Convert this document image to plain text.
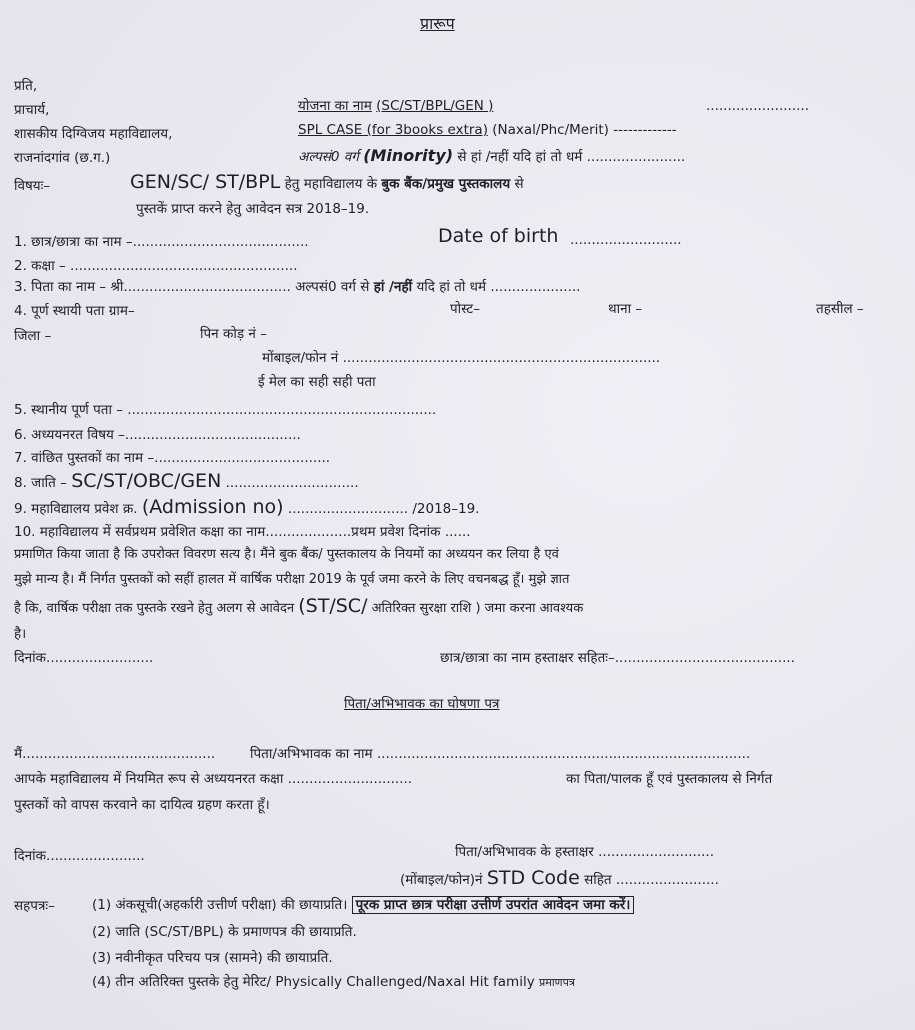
प्रारूप
प्रति,
प्राचार्य,
शासकीय दिग्विजय महाविद्यालय,
राजनांदगांव (छ.ग.)
योजना का नाम (SC/ST/BPL/GEN )	........................
SPL CASE (for 3books extra) (Naxal/Phc/Merit) -------------
अल्पसं0 वर्ग (Minority) से हां /नहीं यदि हां तो धर्म .......................
विषयः–	GEN/SC/ ST/BPL हेतु महाविद्यालय के बुक बैंक/प्रमुख पुस्तकालय से
पुस्तकें प्राप्त करने हेतु आवेदन सत्र 2018–19.
1. छात्र/छात्रा का नाम –.........................................	Date of birth ..........................
2. कक्षा – .....................................................
3. पिता का नाम – श्री....................................... अल्पसं0 वर्ग से हां /नहीं यदि हां तो धर्म .....................
4. पूर्ण स्थायी पता ग्राम–	पोस्ट–	थाना –	तहसील –
जिला –	पिन कोड़ नं –
मोंबाइल/फोन नं ..........................................................................
ई मेल का सही सही पता
5. स्थानीय पूर्ण पता – ........................................................................
6. अध्ययनरत विषय –.........................................
7. वांछित पुस्तकों का नाम –.........................................
8. जाति – SC/ST/OBC/GEN ...............................
9. महाविद्यालय प्रवेश क्र. (Admission no) ............................ /2018–19.
10. महाविद्यालय में सर्वप्रथम प्रवेशित कक्षा का नाम....................प्रथम प्रवेश दिनांक ......
प्रमाणित किया जाता है कि उपरोक्त विवरण सत्य है। मैंने बुक बैंक/ पुस्तकालय के नियमों का अध्ययन कर लिया है एवं
मुझे मान्य है। मैं निर्गत पुस्तकों को सहीं हालत में वार्षिक परीक्षा 2019 के पूर्व जमा करने के लिए वचनबद्ध हूँ। मुझे ज्ञात
है कि, वार्षिक परीक्षा तक पुस्तके रखने हेतु अलग से आवेदन (ST/SC/ अतिरिक्त सुरक्षा राशि ) जमा करना आवश्यक
है।
दिनांक.........................	छात्र/छात्रा का नाम हस्ताक्षर सहितः–..........................................
पिता/अभिभावक का घोषणा पत्र
मैं.............................................	पिता/अभिभावक का नाम .......................................................................................
आपके महाविद्यालय में नियमित रूप से अध्ययनरत कक्षा .............................	का पिता/पालक हूँ एवं पुस्तकालय से निर्गत
पुस्तकों को वापस करवाने का दायित्व ग्रहण करता हूँ।
दिनांक.......................	पिता/अभिभावक के हस्ताक्षर ...........................
(मोंबाइल/फोन)नं STD Code सहित ........................
सहपत्रः–	(1) अंकसूची(अहर्कारी उत्तीर्ण परीक्षा) की छायाप्रति। पूरक प्राप्त छात्र परीक्षा उत्तीर्ण उपरांत आवेदन जमा करें।
(2) जाति (SC/ST/BPL) के प्रमाणपत्र की छायाप्रति.
(3) नवीनीकृत परिचय पत्र (सामने) की छायाप्रति.
(4) तीन अतिरिक्त पुस्तके हेतु मेरिट/ Physically Challenged/Naxal Hit family प्रमाणपत्र
